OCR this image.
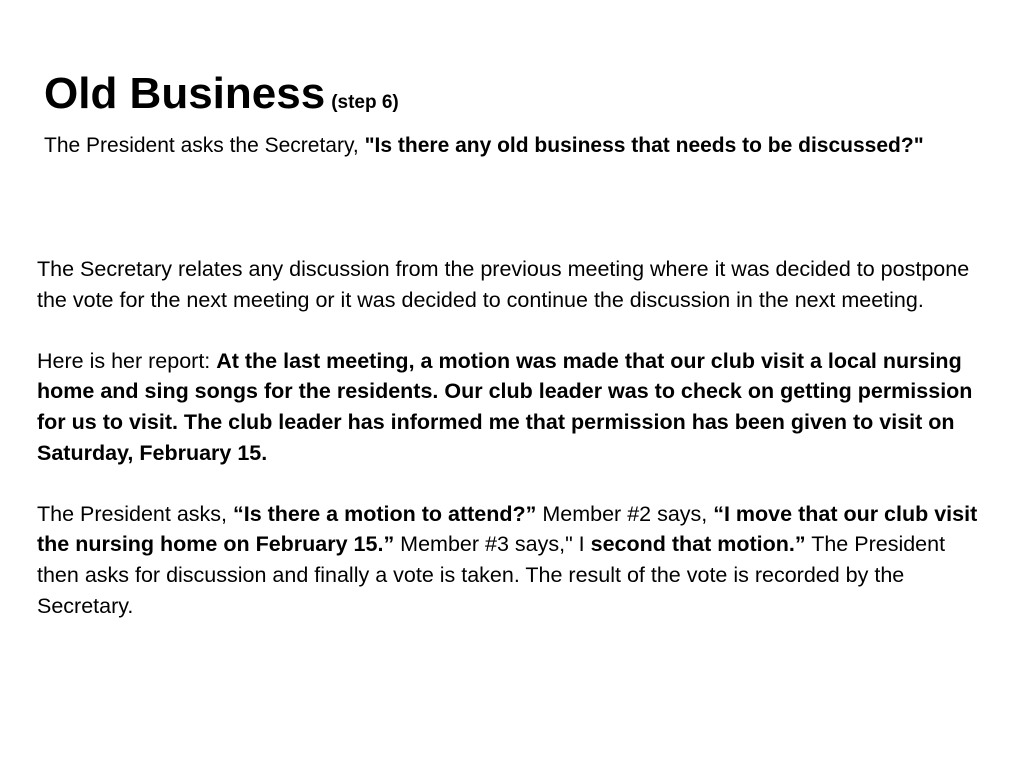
Old Business (step 6)
The President asks the Secretary, "Is there any old business that needs to be discussed?"

The Secretary relates any discussion from the previous meeting where it was decided to postpone the vote for the next meeting or it was decided to continue the discussion in the next meeting.

Here is her report: At the last meeting, a motion was made that our club visit a local nursing home and sing songs for the residents. Our club leader was to check on getting permission for us to visit. The club leader has informed me that permission has been given to visit on Saturday, February 15.

The President asks, “Is there a motion to attend?” Member #2 says, “I move that our club visit the nursing home on February 15.” Member #3 says," I second that motion.” The President then asks for discussion and finally a vote is taken. The result of the vote is recorded by the Secretary.
